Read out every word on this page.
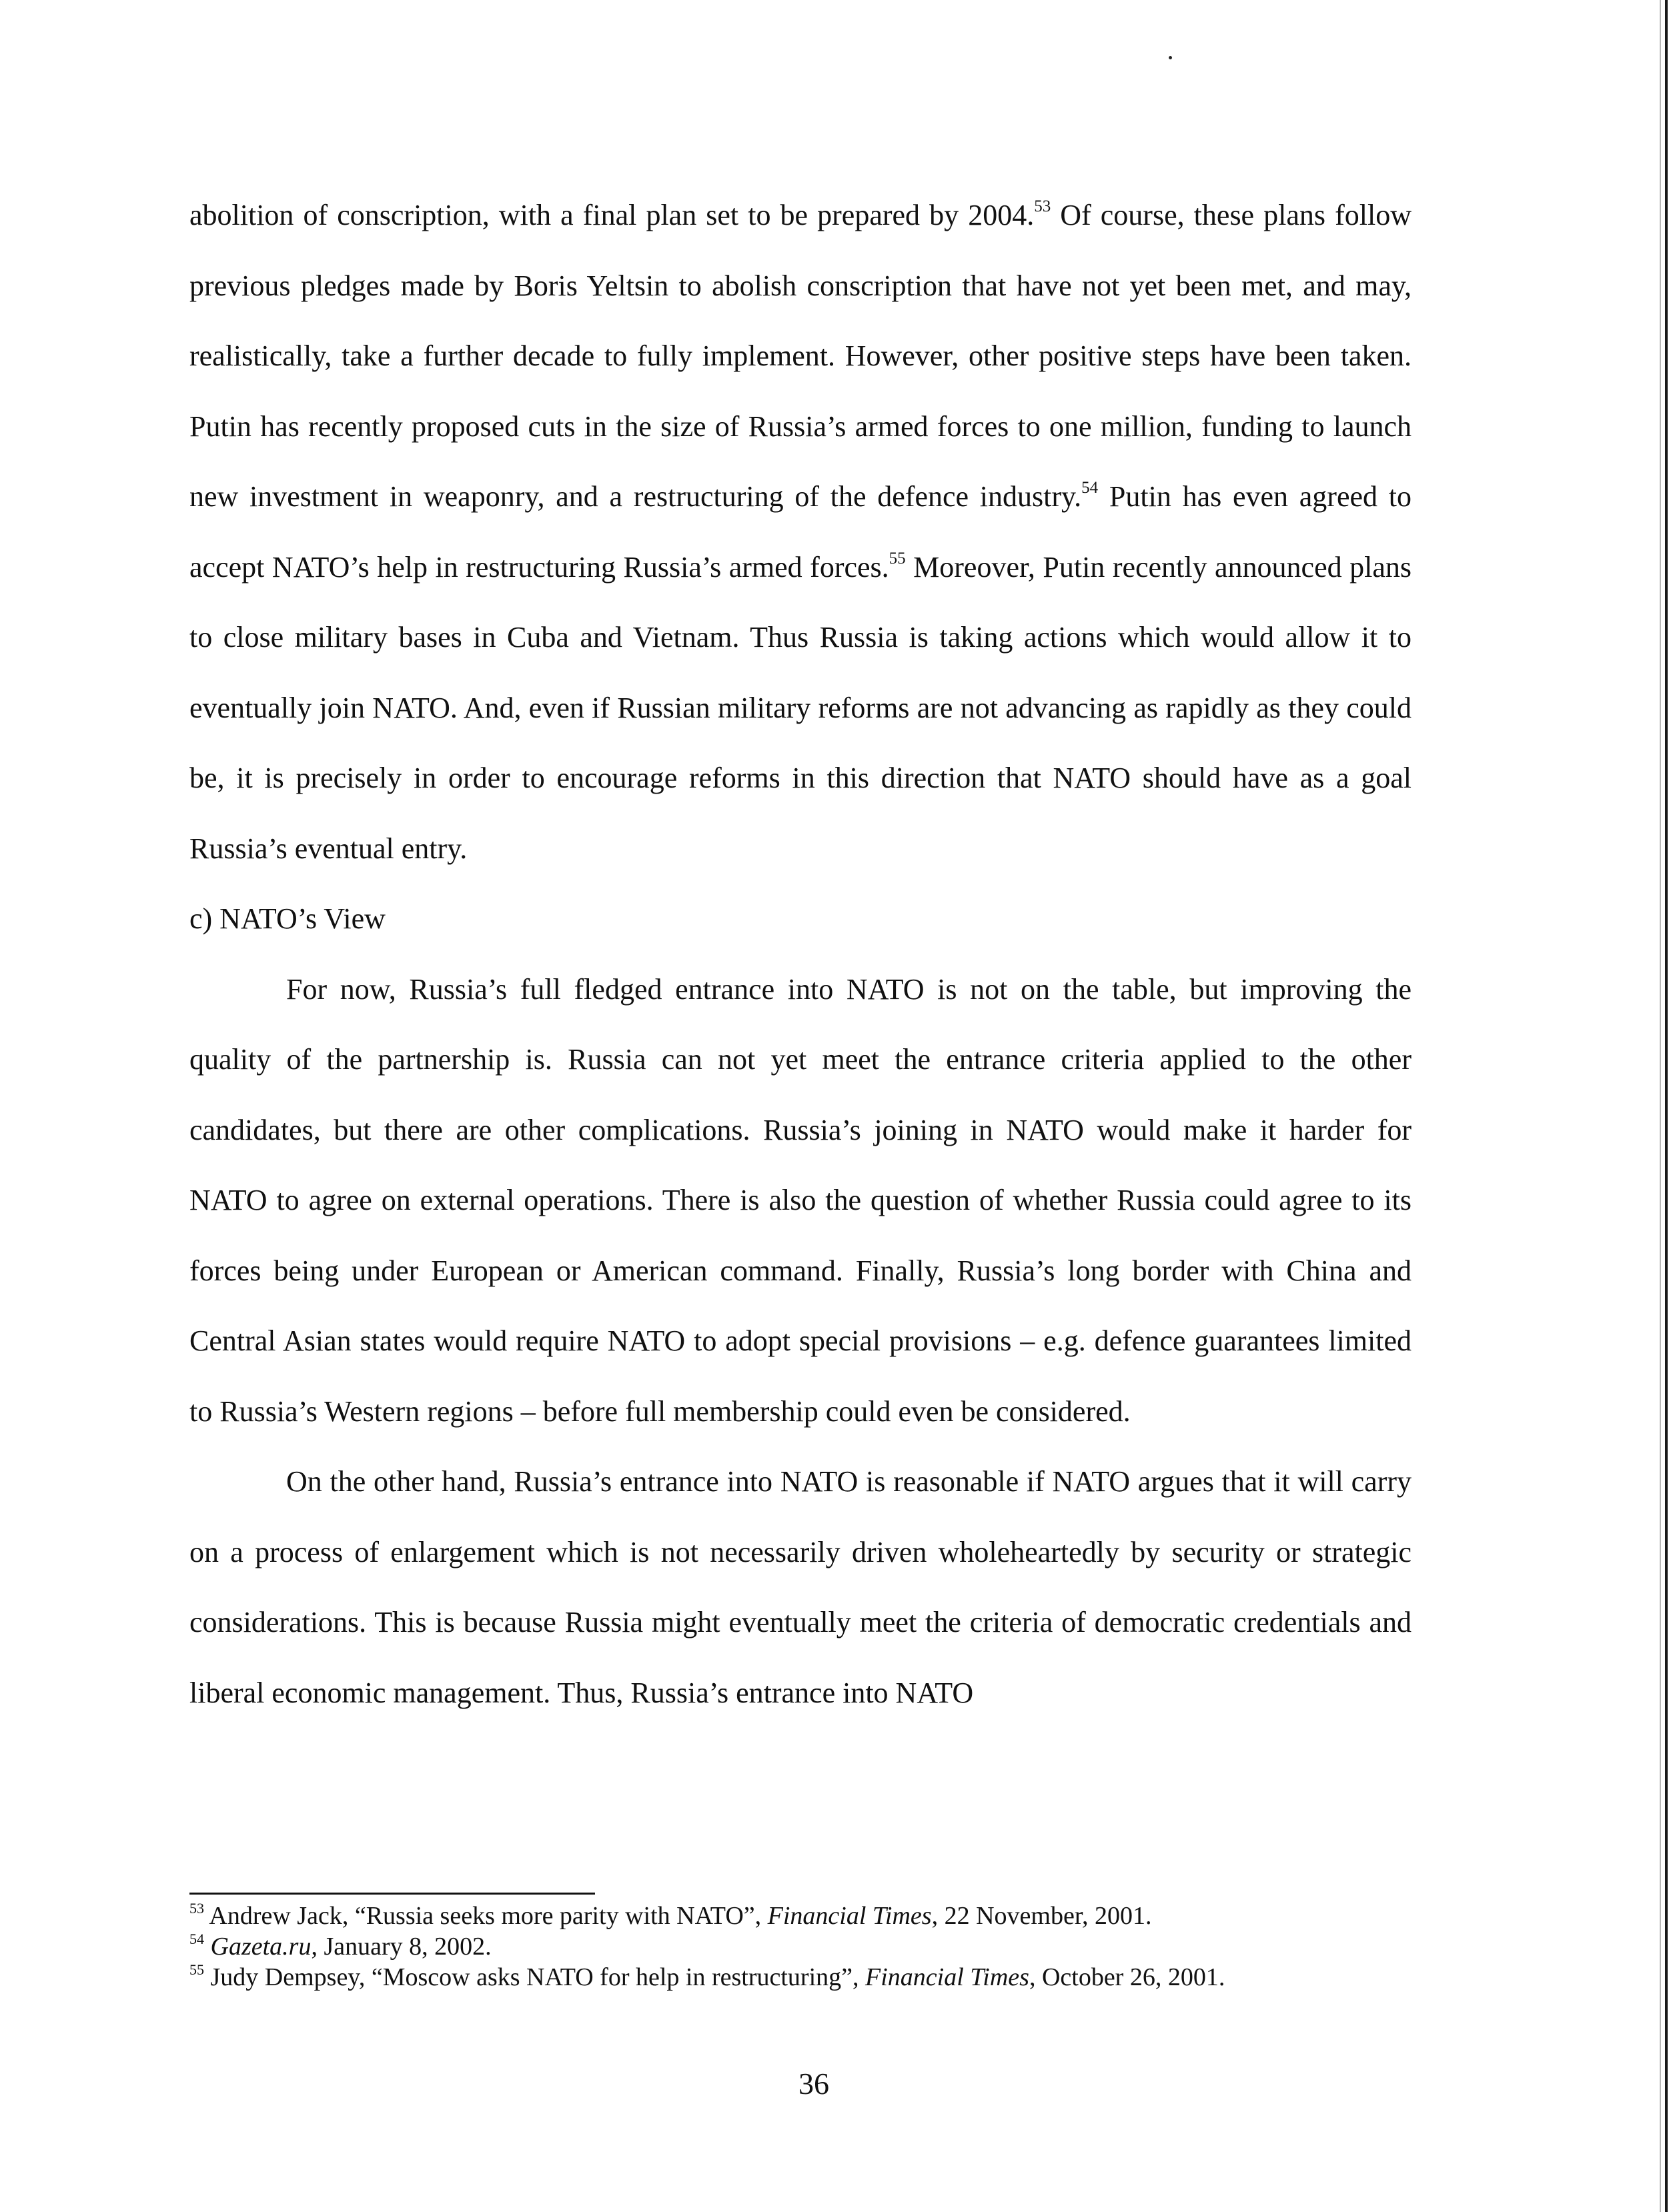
abolition of conscription, with a final plan set to be prepared by 2004.53 Of course, these plans follow previous pledges made by Boris Yeltsin to abolish conscription that have not yet been met, and may, realistically, take a further decade to fully implement. However, other positive steps have been taken. Putin has recently proposed cuts in the size of Russia’s armed forces to one million, funding to launch new investment in weaponry, and a restructuring of the defence industry.$^{54}$ Putin has even agreed to accept NATO’s help in restructuring Russia’s armed forces.$^{55}$ Moreover, Putin recently announced plans to close military bases in Cuba and Vietnam. Thus Russia is taking actions which would allow it to eventually join NATO. And, even if Russian military reforms are not advancing as rapidly as they could be, it is precisely in order to encourage reforms in this direction that NATO should have as a goal Russia’s eventual entry.

c) NATO’s View

For now, Russia’s full fledged entrance into NATO is not on the table, but improving the quality of the partnership is. Russia can not yet meet the entrance criteria applied to the other candidates, but there are other complications. Russia’s joining in NATO would make it harder for NATO to agree on external operations. There is also the question of whether Russia could agree to its forces being under European or American command. Finally, Russia’s long border with China and Central Asian states would require NATO to adopt special provisions – e.g. defence guarantees limited to Russia’s Western regions – before full membership could even be considered.

On the other hand, Russia’s entrance into NATO is reasonable if NATO argues that it will carry on a process of enlargement which is not necessarily driven wholeheartedly by security or strategic considerations. This is because Russia might eventually meet the criteria of democratic credentials and liberal economic management. Thus, Russia’s entrance into NATO

$^{53}$ Andrew Jack, “Russia seeks more parity with NATO”, Financial Times, 22 November, 2001.

$^{54}$ Gazeta.ru, January 8, 2002.

$^{55}$ Judy Dempsey, “Moscow asks NATO for help in restructuring”, Financial Times, October 26, 2001.

36
